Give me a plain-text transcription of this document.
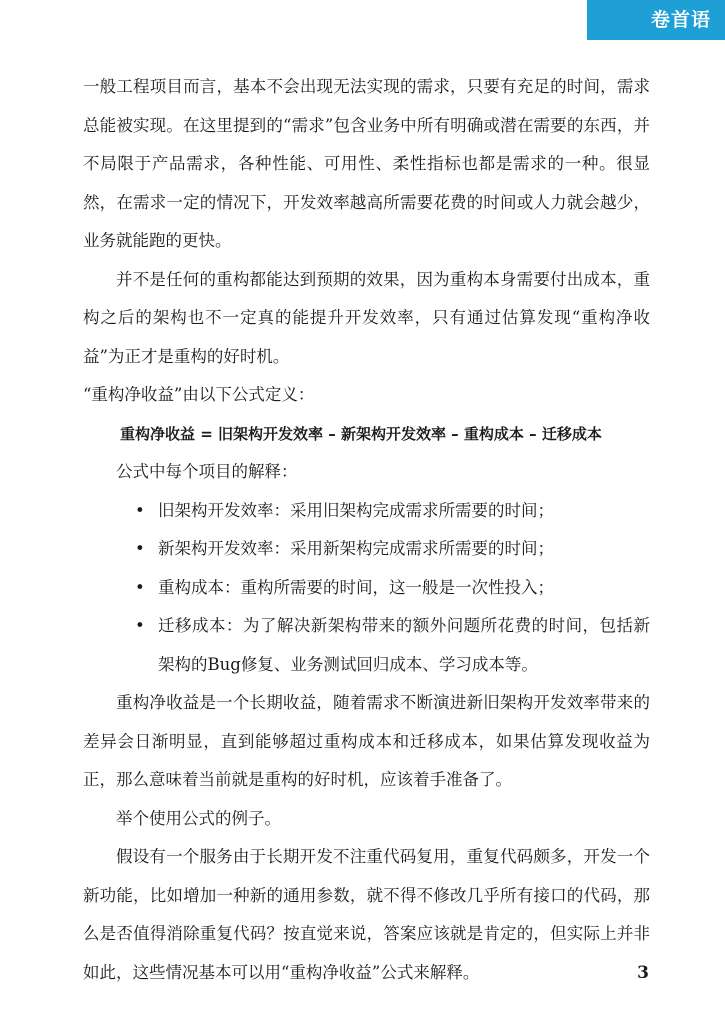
卷首语

一般工程项目而言，基本不会出现无法实现的需求，只要有充足的时间，需求总能被实现。在这里提到的“需求”包含业务中所有明确或潜在需要的东西，并不局限于产品需求，各种性能、可用性、柔性指标也都是需求的一种。很显然，在需求一定的情况下，开发效率越高所需要花费的时间或人力就会越少，业务就能跑的更快。

并不是任何的重构都能达到预期的效果，因为重构本身需要付出成本，重构之后的架构也不一定真的能提升开发效率，只有通过估算发现“重构净收益”为正才是重构的好时机。

“重构净收益”由以下公式定义：

重构净收益 = 旧架构开发效率 – 新架构开发效率 – 重构成本 – 迁移成本

公式中每个项目的解释：

• 旧架构开发效率：采用旧架构完成需求所需要的时间；
• 新架构开发效率：采用新架构完成需求所需要的时间；
• 重构成本：重构所需要的时间，这一般是一次性投入；
• 迁移成本：为了解决新架构带来的额外问题所花费的时间，包括新架构的Bug修复、业务测试回归成本、学习成本等。

重构净收益是一个长期收益，随着需求不断演进新旧架构开发效率带来的差异会日渐明显，直到能够超过重构成本和迁移成本，如果估算发现收益为正，那么意味着当前就是重构的好时机，应该着手准备了。

举个使用公式的例子。

假设有一个服务由于长期开发不注重代码复用，重复代码颇多，开发一个新功能，比如增加一种新的通用参数，就不得不修改几乎所有接口的代码，那么是否值得消除重复代码？按直觉来说，答案应该就是肯定的，但实际上并非如此，这些情况基本可以用“重构净收益”公式来解释。	3
